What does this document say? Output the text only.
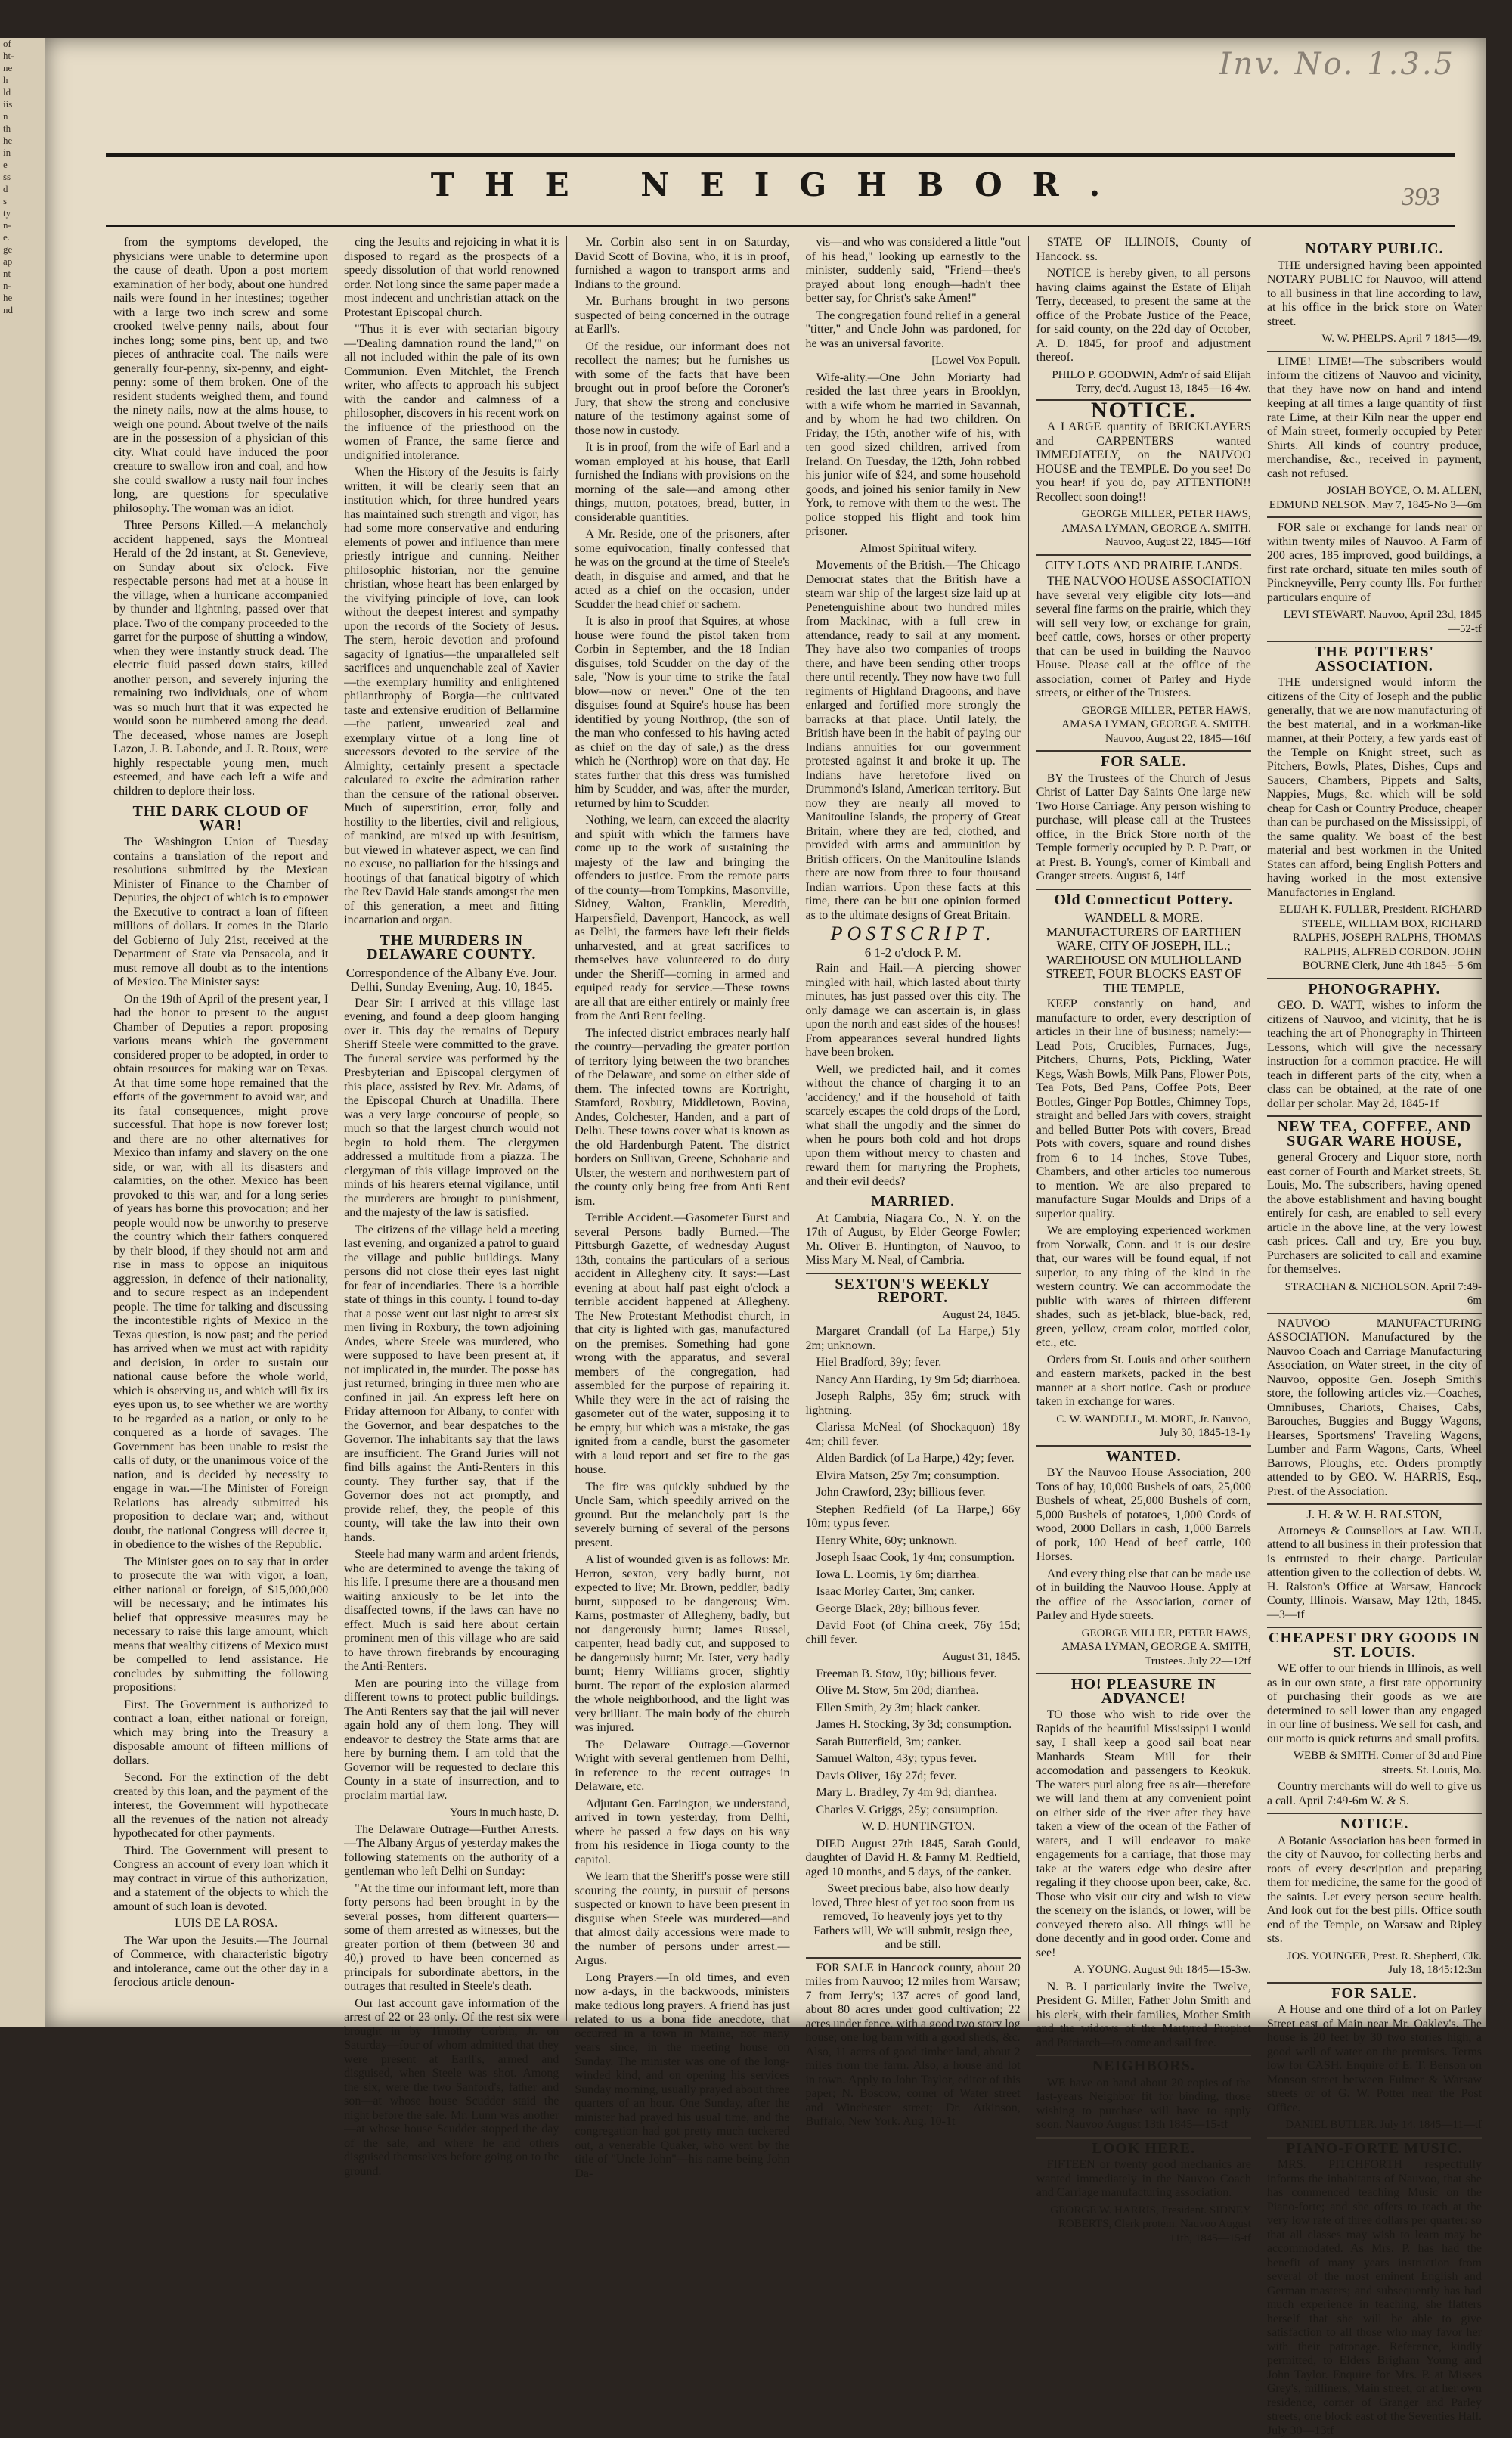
of
ht-
ne
h
ld
iis
n
th
he
in
e
ss
d
s
ty
n-
e.
ge
ap
nt
n-
he
nd
Inv. No. 1.3.5
THE NEIGHBOR.	393

from the symptoms developed, the physicians were unable to determine upon the cause of death. Upon a post mortem examination of her body, about one hundred nails were found in her intestines; together with a large two inch screw and some crooked twelve-penny nails, about four inches long; some pins, bent up, and two pieces of anthracite coal. The nails were generally four-penny, six-penny, and eight-penny: some of them broken. One of the resident students weighed them, and found the ninety nails, now at the alms house, to weigh one pound. About twelve of the nails are in the possession of a physician of this city. What could have induced the poor creature to swallow iron and coal, and how she could swallow a rusty nail four inches long, are questions for speculative philosophy. The woman was an idiot.

Three Persons Killed.—A melancholy accident happened, says the Montreal Herald of the 2d instant, at St. Genevieve, on Sunday about six o'clock. Five respectable persons had met at a house in the village, when a hurricane accompanied by thunder and lightning, passed over that place. Two of the company proceeded to the garret for the purpose of shutting a window, when they were instantly struck dead. The electric fluid passed down stairs, killed another person, and severely injuring the remaining two individuals, one of whom was so much hurt that it was expected he would soon be numbered among the dead. The deceased, whose names are Joseph Lazon, J. B. Labonde, and J. R. Roux, were highly respectable young men, much esteemed, and have each left a wife and children to deplore their loss.

THE DARK CLOUD OF WAR!

The Washington Union of Tuesday contains a translation of the report and resolutions submitted by the Mexican Minister of Finance to the Chamber of Deputies, the object of which is to empower the Executive to contract a loan of fifteen millions of dollars. It comes in the Diario del Gobierno of July 21st, received at the Department of State via Pensacola, and it must remove all doubt as to the intentions of Mexico. The Minister says:

On the 19th of April of the present year, I had the honor to present to the august Chamber of Deputies a report proposing various means which the government considered proper to be adopted, in order to obtain resources for making war on Texas. At that time some hope remained that the efforts of the government to avoid war, and its fatal consequences, might prove successful. That hope is now forever lost; and there are no other alternatives for Mexico than infamy and slavery on the one side, or war, with all its disasters and calamities, on the other. Mexico has been provoked to this war, and for a long series of years has borne this provocation; and her people would now be unworthy to preserve the country which their fathers conquered by their blood, if they should not arm and rise in mass to oppose an iniquitous aggression, in defence of their nationality, and to secure respect as an independent people. The time for talking and discussing the incontestible rights of Mexico in the Texas question, is now past; and the period has arrived when we must act with rapidity and decision, in order to sustain our national cause before the whole world, which is observing us, and which will fix its eyes upon us, to see whether we are worthy to be regarded as a nation, or only to be conquered as a horde of savages. The Government has been unable to resist the calls of duty, or the unanimous voice of the nation, and is decided by necessity to engage in war.—The Minister of Foreign Relations has already submitted his proposition to declare war; and, without doubt, the national Congress will decree it, in obedience to the wishes of the Republic.

The Minister goes on to say that in order to prosecute the war with vigor, a loan, either national or foreign, of $15,000,000 will be necessary; and he intimates his belief that oppressive measures may be necessary to raise this large amount, which means that wealthy citizens of Mexico must be compelled to lend assistance. He concludes by submitting the following propositions:

First. The Government is authorized to contract a loan, either national or foreign, which may bring into the Treasury a disposable amount of fifteen millions of dollars.

Second. For the extinction of the debt created by this loan, and the payment of the interest, the Government will hypothecate all the revenues of the nation not already hypothecated for other payments.

Third. The Government will present to Congress an account of every loan which it may contract in virtue of this authorization, and a statement of the objects to which the amount of such loan is devoted.

LUIS DE LA ROSA.

The War upon the Jesuits.—The Journal of Commerce, with characteristic bigotry and intolerance, came out the other day in a ferocious article denoun-

cing the Jesuits and rejoicing in what it is disposed to regard as the prospects of a speedy dissolution of that world renowned order. Not long since the same paper made a most indecent and unchristian attack on the Protestant Episcopal church.

"Thus it is ever with sectarian bigotry—'Dealing damnation round the land,'" on all not included within the pale of its own Communion. Even Mitchlet, the French writer, who affects to approach his subject with the candor and calmness of a philosopher, discovers in his recent work on the influence of the priesthood on the women of France, the same fierce and undignified intolerance.

When the History of the Jesuits is fairly written, it will be clearly seen that an institution which, for three hundred years has maintained such strength and vigor, has had some more conservative and enduring elements of power and influence than mere priestly intrigue and cunning. Neither philosophic historian, nor the genuine christian, whose heart has been enlarged by the vivifying principle of love, can look without the deepest interest and sympathy upon the records of the Society of Jesus. The stern, heroic devotion and profound sagacity of Ignatius—the unparalleled self sacrifices and unquenchable zeal of Xavier—the exemplary humility and enlightened philanthrophy of Borgia—the cultivated taste and extensive erudition of Bellarmine—the patient, unwearied zeal and exemplary virtue of a long line of successors devoted to the service of the Almighty, certainly present a spectacle calculated to excite the admiration rather than the censure of the rational observer. Much of superstition, error, folly and hostility to the liberties, civil and religious, of mankind, are mixed up with Jesuitism, but viewed in whatever aspect, we can find no excuse, no palliation for the hissings and hootings of that fanatical bigotry of which the Rev David Hale stands amongst the men of this generation, a meet and fitting incarnation and organ.

THE MURDERS IN DELAWARE COUNTY.
Correspondence of the Albany Eve. Jour. Delhi, Sunday Evening, Aug. 10, 1845.

Dear Sir: I arrived at this village last evening, and found a deep gloom hanging over it. This day the remains of Deputy Sheriff Steele were committed to the grave. The funeral service was performed by the Presbyterian and Episcopal clergymen of this place, assisted by Rev. Mr. Adams, of the Episcopal Church at Unadilla. There was a very large concourse of people, so much so that the largest church would not begin to hold them. The clergymen addressed a multitude from a piazza. The clergyman of this village improved on the minds of his hearers eternal vigilance, until the murderers are brought to punishment, and the majesty of the law is satisfied.

The citizens of the village held a meeting last evening, and organized a patrol to guard the village and public buildings. Many persons did not close their eyes last night for fear of incendiaries. There is a horrible state of things in this county. I found to-day that a posse went out last night to arrest six men living in Roxbury, the town adjoining Andes, where Steele was murdered, who were supposed to have been present at, if not implicated in, the murder. The posse has just returned, bringing in three men who are confined in jail. An express left here on Friday afternoon for Albany, to confer with the Governor, and bear despatches to the Governor. The inhabitants say that the laws are insufficient. The Grand Juries will not find bills against the Anti-Renters in this county. They further say, that if the Governor does not act promptly, and provide relief, they, the people of this county, will take the law into their own hands.

Steele had many warm and ardent friends, who are determined to avenge the taking of his life. I presume there are a thousand men waiting anxiously to be let into the disaffected towns, if the laws can have no effect. Much is said here about certain prominent men of this village who are said to have thrown firebrands by encouraging the Anti-Renters.

Men are pouring into the village from different towns to protect public buildings. The Anti Renters say that the jail will never again hold any of them long. They will endeavor to destroy the State arms that are here by burning them. I am told that the Governor will be requested to declare this County in a state of insurrection, and to proclaim martial law.

Yours in much haste, D.

The Delaware Outrage—Further Arrests.—The Albany Argus of yesterday makes the following statements on the authority of a gentleman who left Delhi on Sunday:

"At the time our informant left, more than forty persons had been brought in by the several posses, from different quarters—some of them arrested as witnesses, but the greater portion of them (between 30 and 40,) proved to have been concerned as principals for subordinate abettors, in the outrages that resulted in Steele's death.

Our last account gave information of the arrest of 22 or 23 only. Of the rest six were brought in by Timothy Corbin, Jr. on Saturday—four of whom admitted that they were present at Earll's, armed and disguised, when Steele was shot. Among the six, were the two Sanford's, father and son—at whose house Scudder staid the night before the sale. Mr. Lunn was another—at whose house Scudder stopped the day of the sale, and where he and others disguised themselves before going on to the ground.

Mr. Corbin also sent in on Saturday, David Scott of Bovina, who, it is in proof, furnished a wagon to transport arms and Indians to the ground.

Mr. Burhans brought in two persons suspected of being concerned in the outrage at Earll's.

Of the residue, our informant does not recollect the names; but he furnishes us with some of the facts that have been brought out in proof before the Coroner's Jury, that show the strong and conclusive nature of the testimony against some of those now in custody.

It is in proof, from the wife of Earl and a woman employed at his house, that Earll furnished the Indians with provisions on the morning of the sale—and among other things, mutton, potatoes, bread, butter, in considerable quantities.

A Mr. Reside, one of the prisoners, after some equivocation, finally confessed that he was on the ground at the time of Steele's death, in disguise and armed, and that he acted as a chief on the occasion, under Scudder the head chief or sachem.

It is also in proof that Squires, at whose house were found the pistol taken from Corbin in September, and the 18 Indian disguises, told Scudder on the day of the sale, "Now is your time to strike the fatal blow—now or never." One of the ten disguises found at Squire's house has been identified by young Northrop, (the son of the man who confessed to his having acted as chief on the day of sale,) as the dress which he (Northrop) wore on that day. He states further that this dress was furnished him by Scudder, and was, after the murder, returned by him to Scudder.

Nothing, we learn, can exceed the alacrity and spirit with which the farmers have come up to the work of sustaining the majesty of the law and bringing the offenders to justice. From the remote parts of the county—from Tompkins, Masonville, Sidney, Walton, Franklin, Meredith, Harpersfield, Davenport, Hancock, as well as Delhi, the farmers have left their fields unharvested, and at great sacrifices to themselves have volunteered to do duty under the Sheriff—coming in armed and equiped ready for service.—These towns are all that are either entirely or mainly free from the Anti Rent feeling.

The infected district embraces nearly half the country—pervading the greater portion of territory lying between the two branches of the Delaware, and some on either side of them. The infected towns are Kortright, Stamford, Roxbury, Middletown, Bovina, Andes, Colchester, Handen, and a part of Delhi. These towns cover what is known as the old Hardenburgh Patent. The district borders on Sullivan, Greene, Schoharie and Ulster, the western and northwestern part of the county only being free from Anti Rent ism.

Terrible Accident.—Gasometer Burst and several Persons badly Burned.—The Pittsburgh Gazette, of wednesday August 13th, contains the particulars of a serious accident in Allegheny city. It says:—Last evening at about half past eight o'clock a terrible accident happened at Allegheny. The New Protestant Methodist church, in that city is lighted with gas, manufactured on the premises. Something had gone wrong with the apparatus, and several members of the congregation, had assembled for the purpose of repairing it. While they were in the act of raising the gasometer out of the water, supposing it to be empty, but which was a mistake, the gas ignited from a candle, burst the gasometer with a loud report and set fire to the gas house.

The fire was quickly subdued by the Uncle Sam, which speedily arrived on the ground. But the melancholy part is the severely burning of several of the persons present.

A list of wounded given is as follows: Mr. Herron, sexton, very badly burnt, not expected to live; Mr. Brown, peddler, badly burnt, supposed to be dangerous; Wm. Karns, postmaster of Allegheny, badly, but not dangerously burnt; James Russel, carpenter, head badly cut, and supposed to be dangerously burnt; Mr. Ister, very badly burnt; Henry Williams grocer, slightly burnt. The report of the explosion alarmed the whole neighborhood, and the light was very brilliant. The main body of the church was injured.

The Delaware Outrage.—Governor Wright with several gentlemen from Delhi, in reference to the recent outrages in Delaware, etc.

Adjutant Gen. Farrington, we understand, arrived in town yesterday, from Delhi, where he passed a few days on his way from his residence in Tioga county to the capitol.

We learn that the Sheriff's posse were still scouring the county, in pursuit of persons suspected or known to have been present in disguise when Steele was murdered—and that almost daily accessions were made to the number of persons under arrest.—Argus.

Long Prayers.—In old times, and even now a-days, in the backwoods, ministers make tedious long prayers. A friend has just related to us a bona fide anecdote, that occurred in a town in Maine, not many years since, in the meeting house on Sunday. The minister was one of the long-winded kind, and on opening his services Sunday morning, usually prayed about three quarters of an hour. One Sunday, after the minister had prayed his usual time, and the congregation had got pretty much tuckered out, a venerable Quaker, who went by the title of "Uncle John"—his name being John Da-

vis—and who was considered a little "out of his head," looking up earnestly to the minister, suddenly said, "Friend—thee's prayed about long enough—hadn't thee better say, for Christ's sake Amen!"

The congregation found relief in a general "titter," and Uncle John was pardoned, for he was an universal favorite.

[Lowel Vox Populi.

Wife-ality.—One John Moriarty had resided the last three years in Brooklyn, with a wife whom he married in Savannah, and by whom he had two children. On Friday, the 15th, another wife of his, with ten good sized children, arrived from Ireland. On Tuesday, the 12th, John robbed his junior wife of $24, and some household goods, and joined his senior family in New York, to remove with them to the west. The police stopped his flight and took him prisoner.

Almost Spiritual wifery.

Movements of the British.—The Chicago Democrat states that the British have a steam war ship of the largest size laid up at Penetenguishine about two hundred miles from Mackinac, with a full crew in attendance, ready to sail at any moment. They have also two companies of troops there, and have been sending other troops there until recently. They now have two full regiments of Highland Dragoons, and have enlarged and fortified more strongly the barracks at that place. Until lately, the British have been in the habit of paying our Indians annuities for our government protested against it and broke it up. The Indians have heretofore lived on Drummond's Island, American territory. But now they are nearly all moved to Manitouline Islands, the property of Great Britain, where they are fed, clothed, and provided with arms and ammunition by British officers. On the Manitouline Islands there are now from three to four thousand Indian warriors. Upon these facts at this time, there can be but one opinion formed as to the ultimate designs of Great Britain.

POSTSCRIPT.
6 1-2 o'clock P. M.

Rain and Hail.—A piercing shower mingled with hail, which lasted about thirty minutes, has just passed over this city. The only damage we can ascertain is, in glass upon the north and east sides of the houses! From appearances several hundred lights have been broken.

Well, we predicted hail, and it comes without the chance of charging it to an 'accidency,' and if the household of faith scarcely escapes the cold drops of the Lord, what shall the ungodly and the sinner do when he pours both cold and hot drops upon them without mercy to chasten and reward them for martyring the Prophets, and their evil deeds?

MARRIED.

At Cambria, Niagara Co., N. Y. on the 17th of August, by Elder George Fowler; Mr. Oliver B. Huntington, of Nauvoo, to Miss Mary M. Neal, of Cambria.

SEXTON'S WEEKLY REPORT.

August 24, 1845.

Margaret Crandall (of La Harpe,) 51y 2m; unknown.

Hiel Bradford, 39y; fever.

Nancy Ann Harding, 1y 9m 5d; diarrhoea.

Joseph Ralphs, 35y 6m; struck with lightning.

Clarissa McNeal (of Shockaquon) 18y 4m; chill fever.

Alden Bardick (of La Harpe,) 42y; fever.

Elvira Matson, 25y 7m; consumption.

John Crawford, 23y; billious fever.

Stephen Redfield (of La Harpe,) 66y 10m; typus fever.

Henry White, 60y; unknown.

Joseph Isaac Cook, 1y 4m; consumption.

Iowa L. Loomis, 1y 6m; diarrhea.

Isaac Morley Carter, 3m; canker.

George Black, 28y; billious fever.

David Foot (of China creek, 76y 15d; chill fever.

August 31, 1845.

Freeman B. Stow, 10y; billious fever.

Olive M. Stow, 5m 20d; diarrhea.

Ellen Smith, 2y 3m; black canker.

James H. Stocking, 3y 3d; consumption.

Sarah Butterfield, 3m; canker.

Samuel Walton, 43y; typus fever.

Davis Oliver, 16y 27d; fever.

Mary L. Bradley, 7y 4m 9d; diarrhea.

Charles V. Griggs, 25y; consumption.

W. D. HUNTINGTON.

DIED August 27th 1845, Sarah Gould, daughter of David H. & Fanny M. Redfield, aged 10 months, and 5 days, of the canker.

Sweet precious babe, also how dearly loved, Three blest of yet too soon from us removed, To heavenly joys yet to thy Fathers will, We will submit, resign thee, and be still.

FOR SALE in Hancock county, about 20 miles from Nauvoo; 12 miles from Warsaw; 7 from Jerry's; 137 acres of good land, about 80 acres under good cultivation; 22 acres under fence, with a good two story log house; one log barn with a good sheds, &c. Also, 11 acres of good timber land, about 2 miles from the farm. Also, a house and lot in town. Apply to John Taylor, editor of this paper; N. Boscow, corner of Water street and Winchester street; Dr. Atkinson, Buffalo, New York. Aug. 10-1t

STATE OF ILLINOIS, County of Hancock. ss.

NOTICE is hereby given, to all persons having claims against the Estate of Elijah Terry, deceased, to present the same at the office of the Probate Justice of the Peace, for said county, on the 22d day of October, A. D. 1845, for proof and adjustment thereof.

PHILO P. GOODWIN, Adm'r of said Elijah Terry, dec'd. August 13, 1845—16-4w.

NOTICE.

A LARGE quantity of BRICKLAYERS and CARPENTERS wanted IMMEDIATELY, on the NAUVOO HOUSE and the TEMPLE. Do you see! Do you hear! if you do, pay ATTENTION!! Recollect soon doing!!

GEORGE MILLER, PETER HAWS, AMASA LYMAN, GEORGE A. SMITH. Nauvoo, August 22, 1845—16tf

CITY LOTS AND PRAIRIE LANDS.

THE NAUVOO HOUSE ASSOCIATION have several very eligible city lots—and several fine farms on the prairie, which they will sell very low, or exchange for grain, beef cattle, cows, horses or other property that can be used in building the Nauvoo House. Please call at the office of the association, corner of Parley and Hyde streets, or either of the Trustees.

GEORGE MILLER, PETER HAWS, AMASA LYMAN, GEORGE A. SMITH. Nauvoo, August 22, 1845—16tf

FOR SALE.

BY the Trustees of the Church of Jesus Christ of Latter Day Saints One large new Two Horse Carriage. Any person wishing to purchase, will please call at the Trustees office, in the Brick Store north of the Temple formerly occupied by P. P. Pratt, or at Prest. B. Young's, corner of Kimball and Granger streets. August 6, 14tf

Old Connecticut Pottery.
WANDELL & MORE. MANUFACTURERS OF EARTHEN WARE, CITY OF JOSEPH, ILL.; WAREHOUSE ON MULHOLLAND STREET, FOUR BLOCKS EAST OF THE TEMPLE,

KEEP constantly on hand, and manufacture to order, every description of articles in their line of business; namely:— Lead Pots, Crucibles, Furnaces, Jugs, Pitchers, Churns, Pots, Pickling, Water Kegs, Wash Bowls, Milk Pans, Flower Pots, Tea Pots, Bed Pans, Coffee Pots, Beer Bottles, Ginger Pop Bottles, Chimney Tops, straight and belled Jars with covers, straight and belled Butter Pots with covers, Bread Pots with covers, square and round dishes from 6 to 14 inches, Stove Tubes, Chambers, and other articles too numerous to mention. We are also prepared to manufacture Sugar Moulds and Drips of a superior quality.

We are employing experienced workmen from Norwalk, Conn. and it is our desire that, our wares will be found equal, if not superior, to any thing of the kind in the western country. We can accommodate the public with wares of thirteen different shades, such as jet-black, blue-back, red, green, yellow, cream color, mottled color, etc., etc.

Orders from St. Louis and other southern and eastern markets, packed in the best manner at a short notice. Cash or produce taken in exchange for wares.

C. W. WANDELL, M. MORE, Jr. Nauvoo, July 30, 1845-13-1y

WANTED.

BY the Nauvoo House Association, 200 Tons of hay, 10,000 Bushels of oats, 25,000 Bushels of wheat, 25,000 Bushels of corn, 5,000 Bushels of potatoes, 1,000 Cords of wood, 2000 Dollars in cash, 1,000 Barrels of pork, 100 Head of beef cattle, 100 Horses.

And every thing else that can be made use of in building the Nauvoo House. Apply at the office of the Association, corner of Parley and Hyde streets.

GEORGE MILLER, PETER HAWS, AMASA LYMAN, GEORGE A. SMITH, Trustees. July 22—12tf

HO! PLEASURE IN ADVANCE!

TO those who wish to ride over the Rapids of the beautiful Mississippi I would say, I shall keep a good sail boat near Manhards Steam Mill for their accomodation and passengers to Keokuk. The waters purl along free as air—therefore we will land them at any convenient point on either side of the river after they have taken a view of the ocean of the Father of waters, and I will endeavor to make engagements for a carriage, that those may take at the waters edge who desire after regaling if they choose upon beer, cake, &c. Those who visit our city and wish to view the scenery on the islands, or lower, will be conveyed thereto also. All things will be done decently and in good order. Come and see!

A. YOUNG. August 9th 1845—15-3w.

N. B. I particularly invite the Twelve, President G. Miller, Father John Smith and his clerk, with their families, Mother Smith and the widows of the Martyred Prophet and Patriarch—to come and sail free.

NEIGHBORS.

WE have on hand about 20 copies of the last-years Neighbor fit for binding, those wishing to purchase will have to apply soon. Nauvoo August 13th 1845—15-tf

LOOK HERE.

FIFTEEN or twenty good mechanics are wanted immediately in the Nauvoo Coach and Carriage manufacturing association.

GEORGE W. HARRIS, President. SIDNEY ROBERTS, Clerk protem. Nauvoo August 11th, 1845—15-tf

NOTARY PUBLIC.

THE undersigned having been appointed NOTARY PUBLIC for Nauvoo, will attend to all business in that line according to law, at his office in the brick store on Water street.

W. W. PHELPS. April 7 1845—49.

LIME! LIME!—The subscribers would inform the citizens of Nauvoo and vicinity, that they have now on hand and intend keeping at all times a large quantity of first rate Lime, at their Kiln near the upper end of Main street, formerly occupied by Peter Shirts. All kinds of country produce, merchandise, &c., received in payment, cash not refused.

JOSIAH BOYCE, O. M. ALLEN, EDMUND NELSON. May 7, 1845-No 3—6m

FOR sale or exchange for lands near or within twenty miles of Nauvoo. A Farm of 200 acres, 185 improved, good buildings, a first rate orchard, situate ten miles south of Pinckneyville, Perry county Ills. For further particulars enquire of

LEVI STEWART. Nauvoo, April 23d, 1845—52-tf

THE POTTERS' ASSOCIATION.

THE undersigned would inform the citizens of the City of Joseph and the public generally, that we are now manufacturing of the best material, and in a workman-like manner, at their Pottery, a few yards east of the Temple on Knight street, such as Pitchers, Bowls, Plates, Dishes, Cups and Saucers, Chambers, Pippets and Salts, Nappies, Mugs, &c. which will be sold cheap for Cash or Country Produce, cheaper than can be purchased on the Mississippi, of the same quality. We boast of the best material and best workmen in the United States can afford, being English Potters and having worked in the most extensive Manufactories in England.

ELIJAH K. FULLER, President. RICHARD STEELE, WILLIAM BOX, RICHARD RALPHS, JOSEPH RALPHS, THOMAS RALPHS, ALFRED CORDON. JOHN BOURNE Clerk, June 4th 1845—5-6m

PHONOGRAPHY.

GEO. D. WATT, wishes to inform the citizens of Nauvoo, and vicinity, that he is teaching the art of Phonography in Thirteen Lessons, which will give the necessary instruction for a common practice. He will teach in different parts of the city, when a class can be obtained, at the rate of one dollar per scholar. May 2d, 1845-1f

NEW TEA, COFFEE, AND SUGAR WARE HOUSE,

general Grocery and Liquor store, north east corner of Fourth and Market streets, St. Louis, Mo. The subscribers, having opened the above establishment and having bought entirely for cash, are enabled to sell every article in the above line, at the very lowest cash prices. Call and try, Ere you buy. Purchasers are solicited to call and examine for themselves.

STRACHAN & NICHOLSON. April 7:49-6m

NAUVOO MANUFACTURING ASSOCIATION. Manufactured by the Nauvoo Coach and Carriage Manufacturing Association, on Water street, in the city of Nauvoo, opposite Gen. Joseph Smith's store, the following articles viz.—Coaches, Omnibuses, Chariots, Chaises, Cabs, Barouches, Buggies and Buggy Wagons, Hearses, Sportsmens' Traveling Wagons, Lumber and Farm Wagons, Carts, Wheel Barrows, Ploughs, etc. Orders promptly attended to by GEO. W. HARRIS, Esq., Prest. of the Association.

J. H. & W. H. RALSTON,

Attorneys & Counsellors at Law. WILL attend to all business in their profession that is entrusted to their charge. Particular attention given to the collection of debts. W. H. Ralston's Office at Warsaw, Hancock County, Illinois. Warsaw, May 12th, 1845.—3—tf

CHEAPEST DRY GOODS IN ST. LOUIS.

WE offer to our friends in Illinois, as well as in our own state, a first rate opportunity of purchasing their goods as we are determined to sell lower than any engaged in our line of business. We sell for cash, and our motto is quick returns and small profits.

WEBB & SMITH. Corner of 3d and Pine streets. St. Louis, Mo.

Country merchants will do well to give us a call. April 7:49-6m W. & S.

NOTICE.

A Botanic Association has been formed in the city of Nauvoo, for collecting herbs and roots of every description and preparing them for medicine, the same for the good of the saints. Let every person secure health. And look out for the best pills. Office south end of the Temple, on Warsaw and Ripley sts.

JOS. YOUNGER, Prest. R. Shepherd, Clk. July 18, 1845:12:3m

FOR SALE.

A House and one third of a lot on Parley Street east of Main near Mr. Oakley's. The house is 20 feet by 30 two stories high, a good well of water on the premises. Terms low for CASH. Enquire of E. T. Benson on Monson street between Fulmer & Warsaw streets or of G. W. Potter near the Post Office.

DANIEL BUTLER. July 14. 1845—11—tf

PIANO-FORTE MUSIC.

MRS. PITCHFORTH respectfully informs the inhabitants of Nauvoo, that she has commenced teaching Music on the Piano-forte; and she offers to teach at the very low rate of three dollars per quarter: so that all classes may wish to learn may be accommodated. As Mrs. P. has had the benefit of many years instruction from several of the most eminent English and German masters; and subsequently has had much experience in teaching, she flatters herself that she will be able to give satisfaction to all those who may favor her with their patronage. Reference, kindly permitted, to Elders Brigham Young and John Taylor. Enquire for Mrs. P. at Misses Grey's, milliners, Main street, or at her own residence, corner of Granger and Parley streets, one block east of the Seventies Hall. July 30—13tf
